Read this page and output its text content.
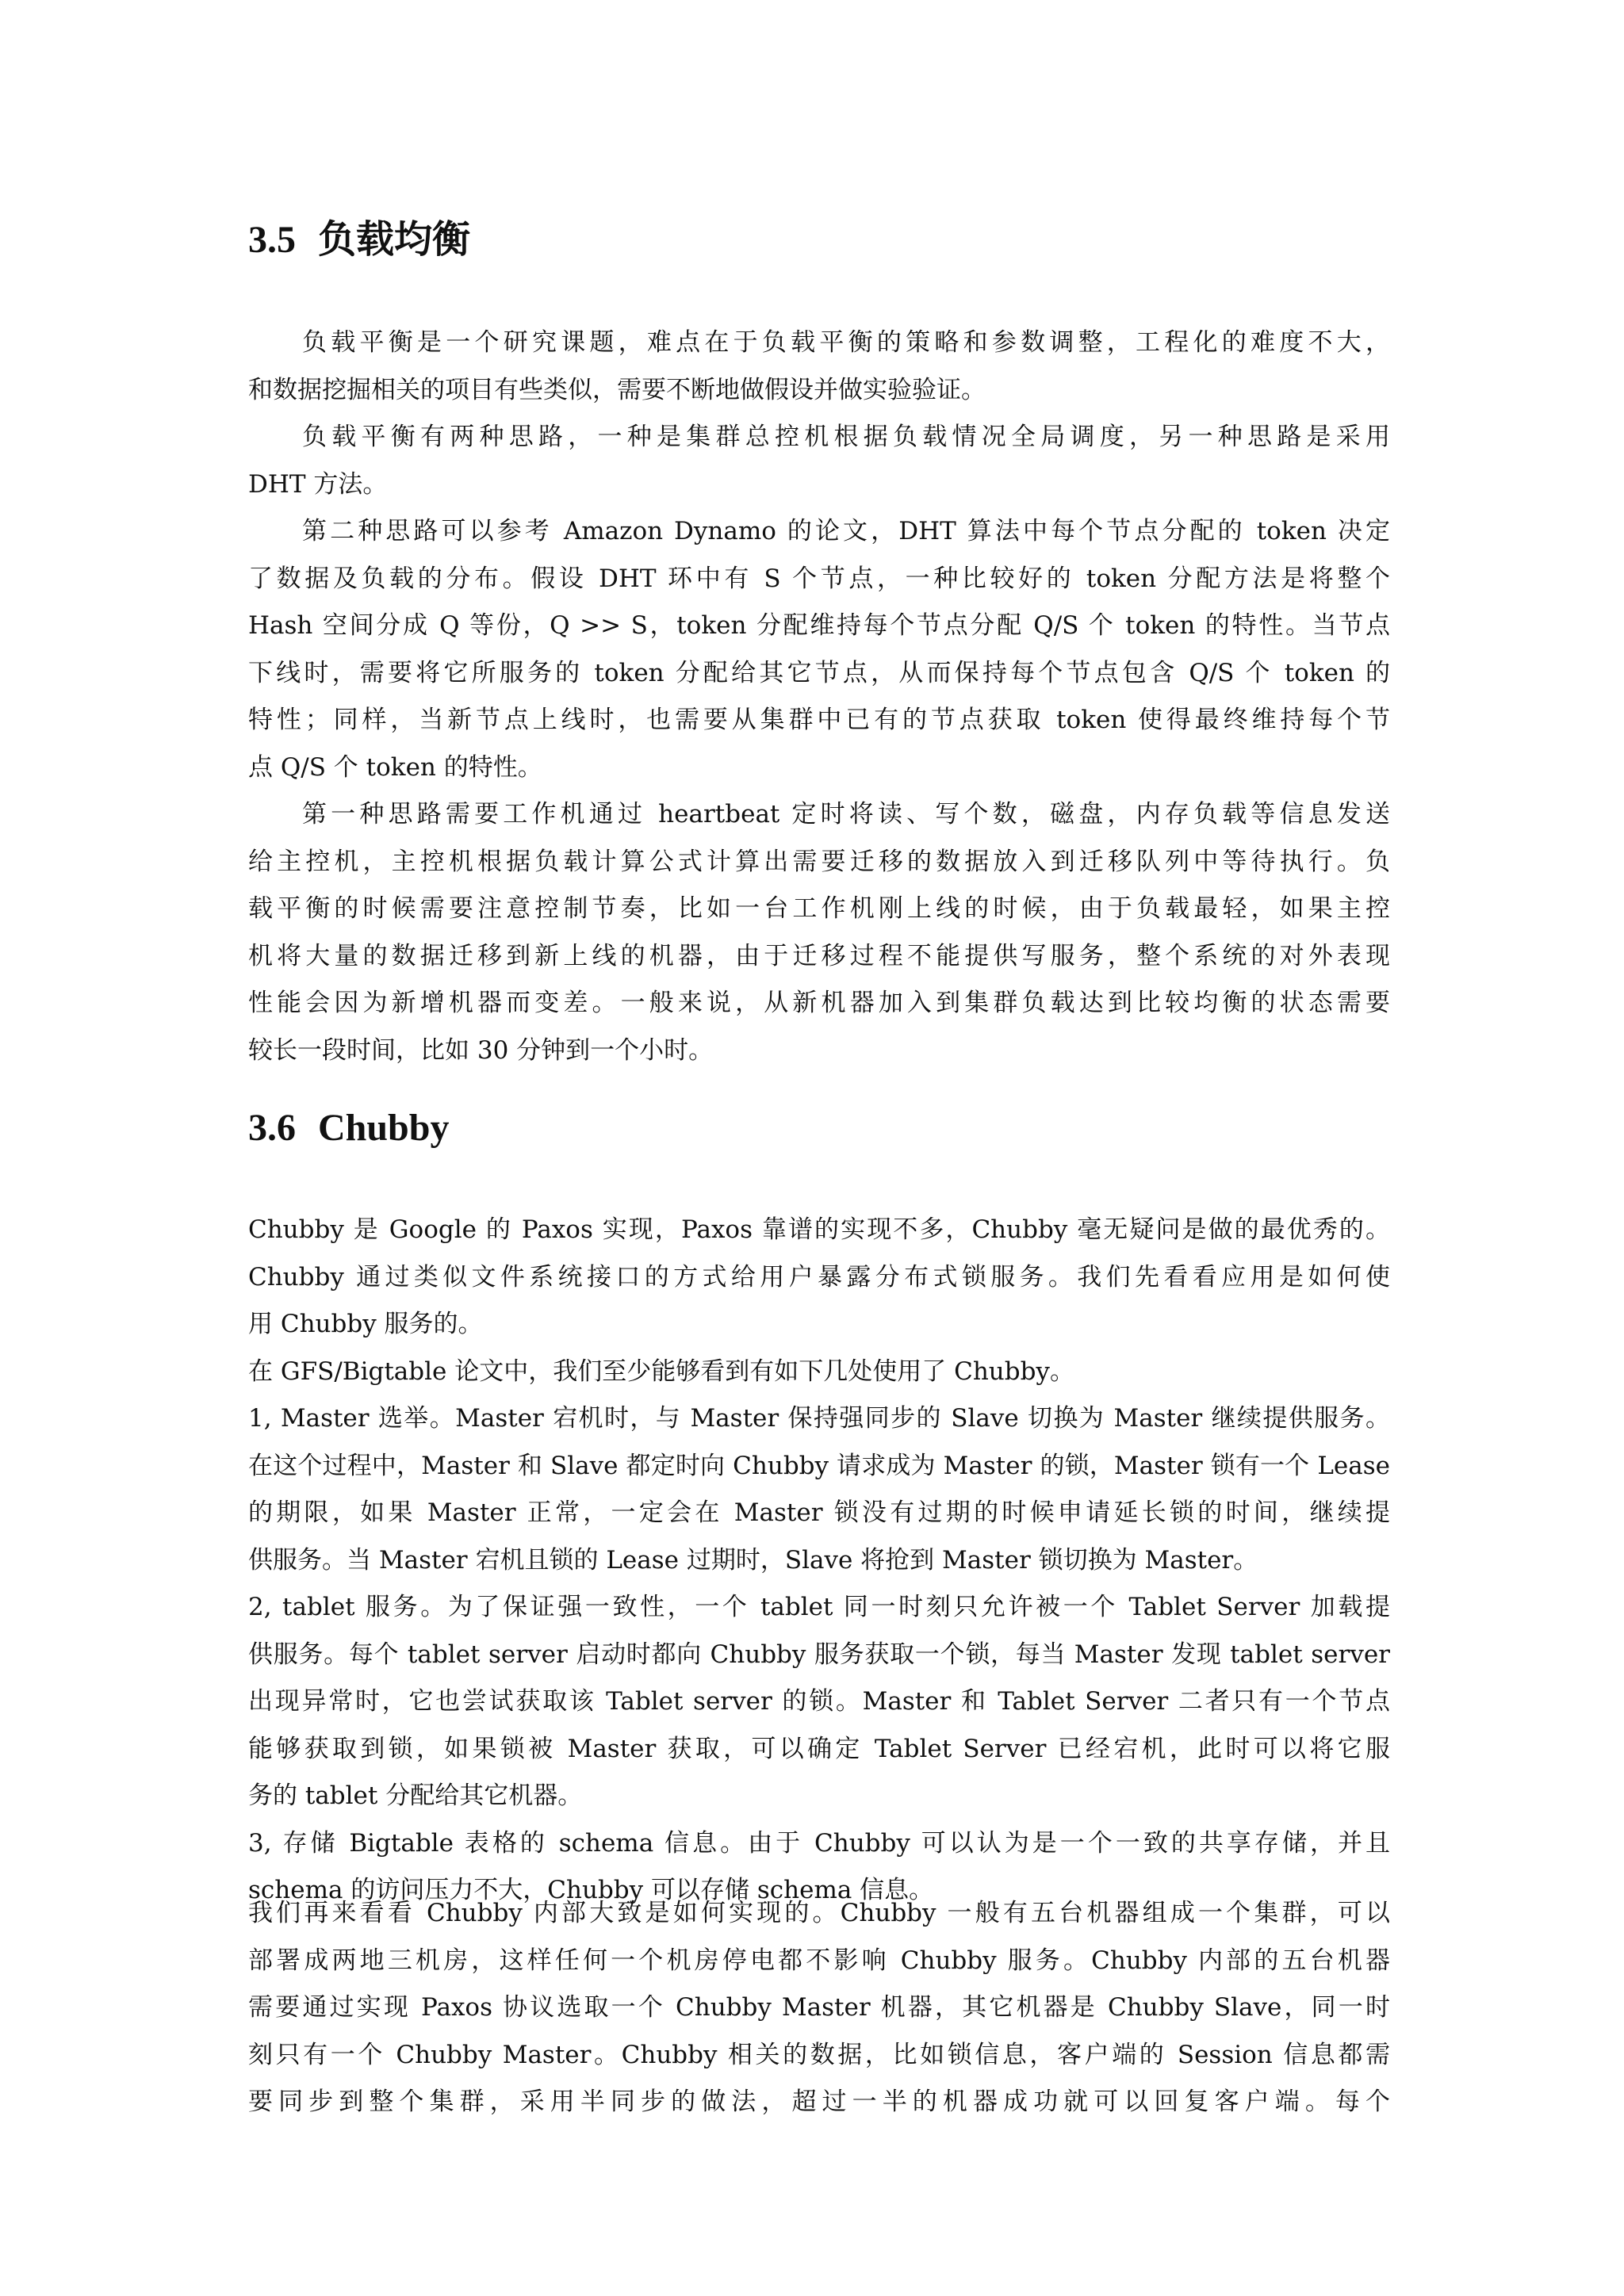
3.5 负载均衡
负载平衡是一个研究课题，难点在于负载平衡的策略和参数调整，工程化的难度不大，
和数据挖掘相关的项目有些类似，需要不断地做假设并做实验验证。
负载平衡有两种思路，一种是集群总控机根据负载情况全局调度，另一种思路是采用
DHT 方法。
第二种思路可以参考 Amazon Dynamo 的论文，DHT 算法中每个节点分配的 token 决定
了数据及负载的分布。假设 DHT 环中有 S 个节点，一种比较好的 token 分配方法是将整个
Hash 空间分成 Q 等份，Q >> S，token 分配维持每个节点分配 Q/S 个 token 的特性。当节点
下线时，需要将它所服务的 token 分配给其它节点，从而保持每个节点包含 Q/S 个 token 的
特性；同样，当新节点上线时，也需要从集群中已有的节点获取 token 使得最终维持每个节
点 Q/S 个 token 的特性。
第一种思路需要工作机通过 heartbeat 定时将读、写个数，磁盘，内存负载等信息发送
给主控机，主控机根据负载计算公式计算出需要迁移的数据放入到迁移队列中等待执行。负
载平衡的时候需要注意控制节奏，比如一台工作机刚上线的时候，由于负载最轻，如果主控
机将大量的数据迁移到新上线的机器，由于迁移过程不能提供写服务，整个系统的对外表现
性能会因为新增机器而变差。一般来说，从新机器加入到集群负载达到比较均衡的状态需要
较长一段时间，比如 30 分钟到一个小时。
3.6 Chubby
Chubby 是 Google 的 Paxos 实现，Paxos 靠谱的实现不多，Chubby 毫无疑问是做的最优秀的。
Chubby 通过类似文件系统接口的方式给用户暴露分布式锁服务。我们先看看应用是如何使
用 Chubby 服务的。
在 GFS/Bigtable 论文中，我们至少能够看到有如下几处使用了 Chubby。
1, Master 选举。Master 宕机时，与 Master 保持强同步的 Slave 切换为 Master 继续提供服务。
在这个过程中，Master 和 Slave 都定时向 Chubby 请求成为 Master 的锁，Master 锁有一个 Lease
的期限，如果 Master 正常，一定会在 Master 锁没有过期的时候申请延长锁的时间，继续提
供服务。当 Master 宕机且锁的 Lease 过期时，Slave 将抢到 Master 锁切换为 Master。
2, tablet 服务。为了保证强一致性，一个 tablet 同一时刻只允许被一个 Tablet Server 加载提
供服务。每个 tablet server 启动时都向 Chubby 服务获取一个锁，每当 Master 发现 tablet server
出现异常时，它也尝试获取该 Tablet server 的锁。Master 和 Tablet Server 二者只有一个节点
能够获取到锁，如果锁被 Master 获取，可以确定 Tablet Server 已经宕机，此时可以将它服
务的 tablet 分配给其它机器。
3, 存储 Bigtable 表格的 schema 信息。由于 Chubby 可以认为是一个一致的共享存储，并且
schema 的访问压力不大，Chubby 可以存储 schema 信息。
我们再来看看 Chubby 内部大致是如何实现的。Chubby 一般有五台机器组成一个集群，可以
部署成两地三机房，这样任何一个机房停电都不影响 Chubby 服务。Chubby 内部的五台机器
需要通过实现 Paxos 协议选取一个 Chubby Master 机器，其它机器是 Chubby Slave，同一时
刻只有一个 Chubby Master。Chubby 相关的数据，比如锁信息，客户端的 Session 信息都需
要同步到整个集群，采用半同步的做法，超过一半的机器成功就可以回复客户端。每个
